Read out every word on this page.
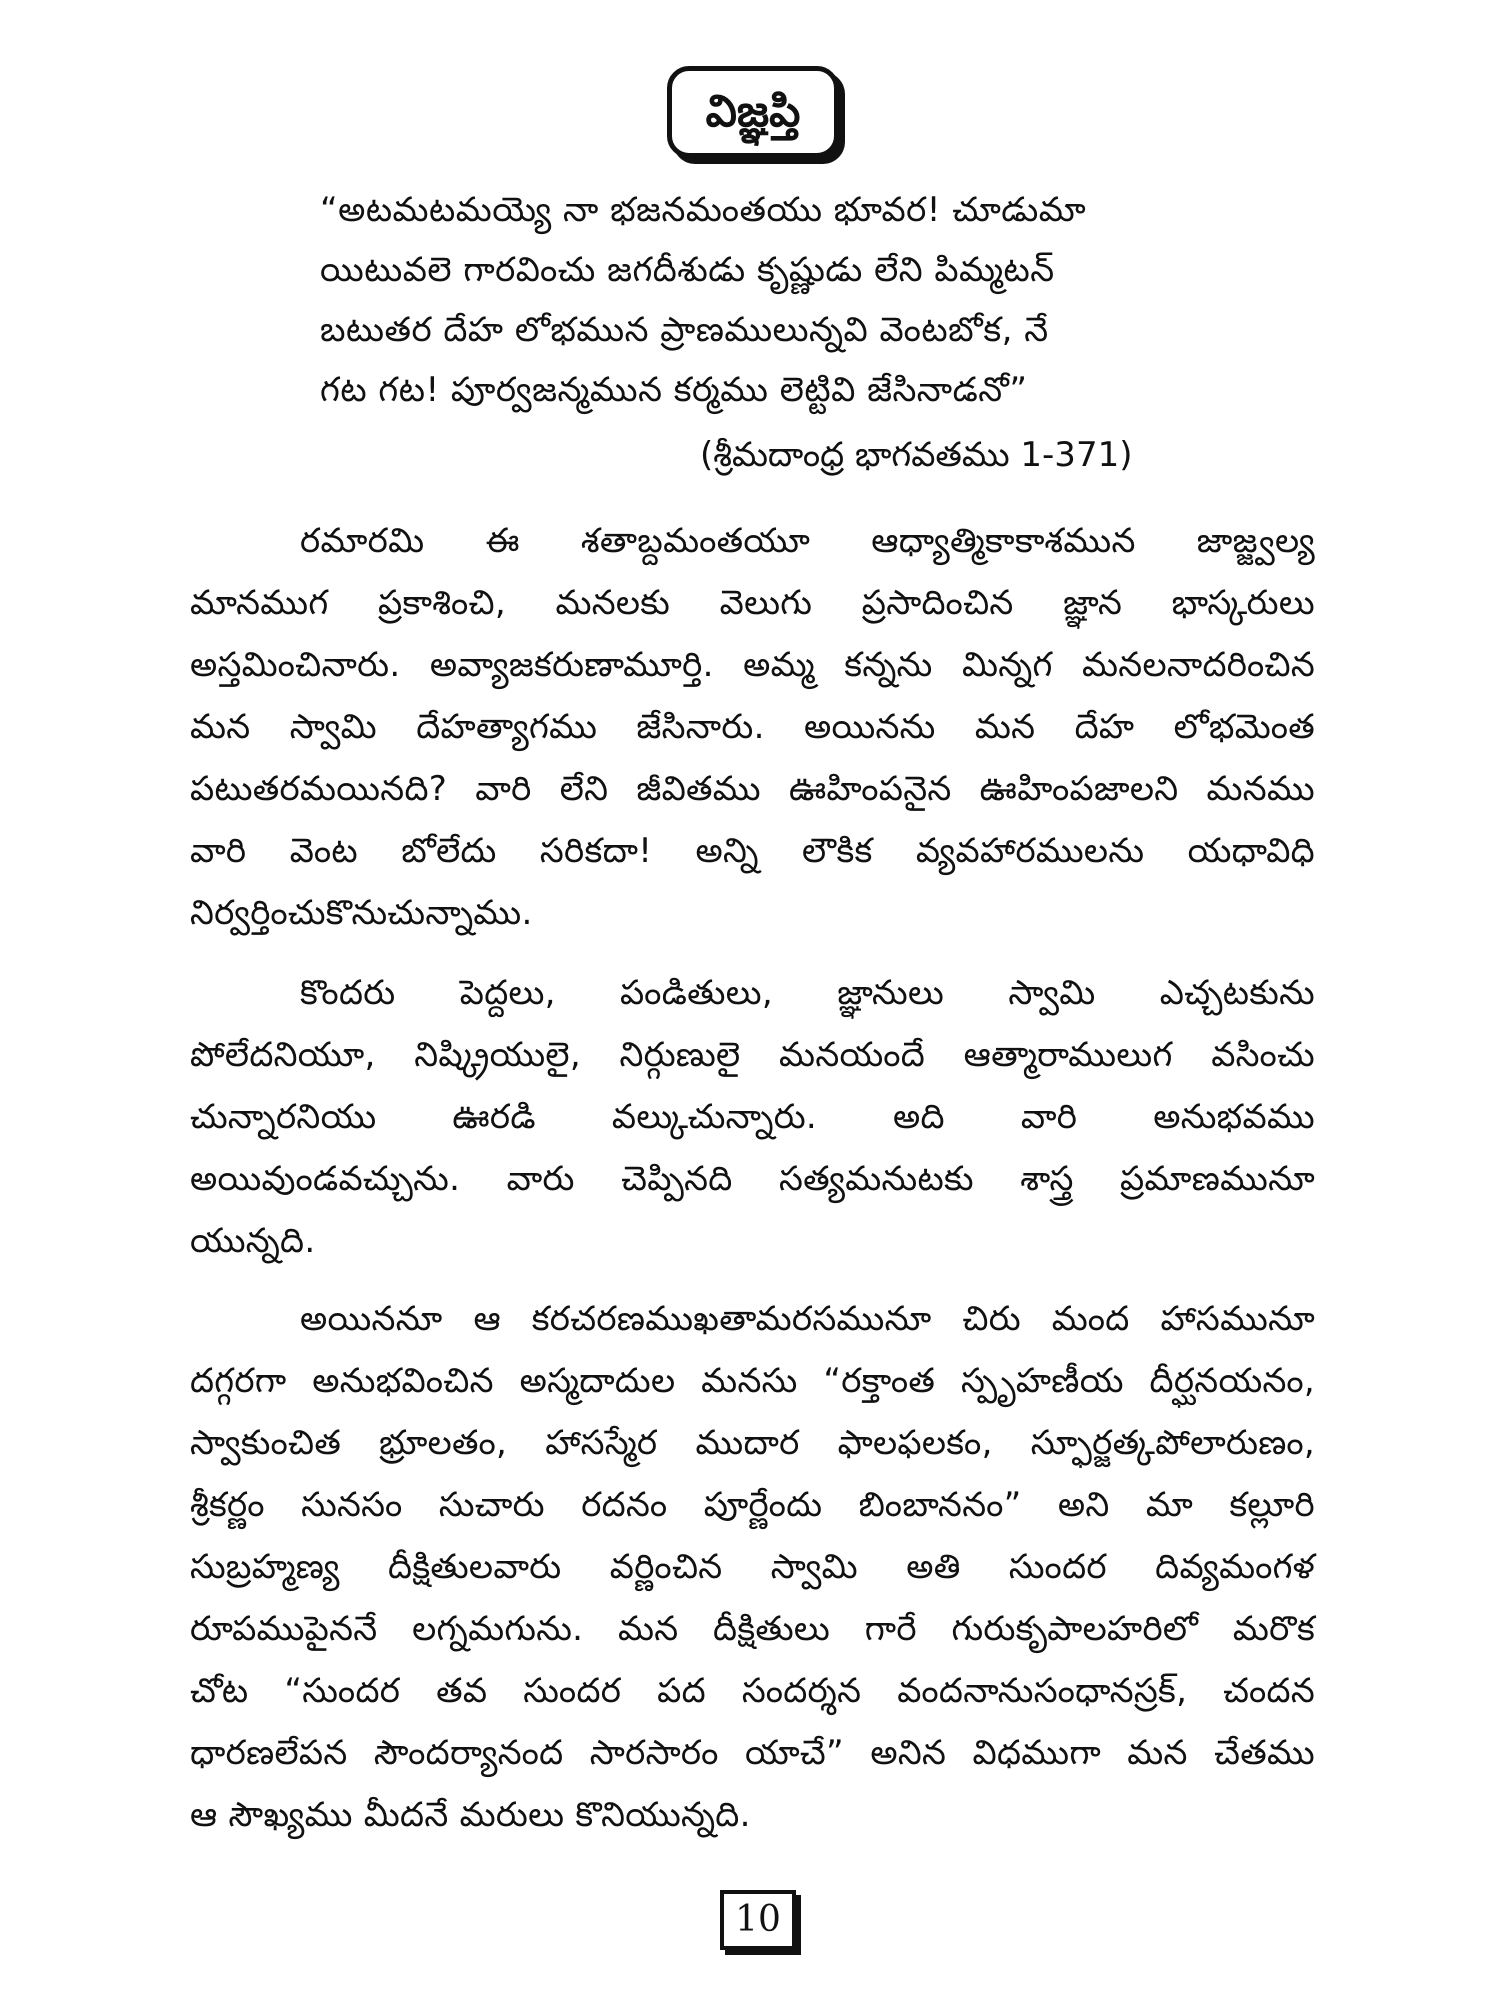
విజ్ఞప్తి
“అటమటమయ్యె నా భజనమంతయు భూవర! చూడుమా
యిటువలె గారవించు జగదీశుడు కృష్ణుడు లేని పిమ్మటన్
బటుతర దేహ లోభమున ప్రాణములున్నవి వెంటబోక, నే
గట గట! పూర్వజన్మమున కర్మము లెట్టివి జేసినాడనో”
(శ్రీమదాంధ్ర భాగవతము 1-371)
రమారమి ఈ శతాబ్దమంతయూ ఆధ్యాత్మికాకాశమున జాజ్జ్వల్య
మానముగ ప్రకాశించి, మనలకు వెలుగు ప్రసాదించిన జ్ఞాన భాస్కరులు
అస్తమించినారు. అవ్యాజకరుణామూర్తి. అమ్మ కన్నను మిన్నగ మనలనాదరించిన
మన స్వామి దేహత్యాగము జేసినారు. అయినను మన దేహ లోభమెంత
పటుతరమయినది? వారి లేని జీవితము ఊహింపనైన ఊహింపజాలని మనము
వారి వెంట బోలేదు సరికదా! అన్ని లౌకిక వ్యవహారములను యధావిధి
నిర్వర్తించుకొనుచున్నాము.
కొందరు పెద్దలు, పండితులు, జ్ఞానులు స్వామి ఎచ్చటకును
పోలేదనియూ, నిష్క్రియులై, నిర్గుణులై మనయందే ఆత్మారాములుగ వసించు
చున్నారనియు ఊరడి వల్కుచున్నారు. అది వారి అనుభవము
అయివుండవచ్చును. వారు చెప్పినది సత్యమనుటకు శాస్త్ర ప్రమాణమునూ
యున్నది.
అయిననూ ఆ కరచరణముఖతామరసమునూ చిరు మంద హాసమునూ
దగ్గరగా అనుభవించిన అస్మదాదుల మనసు “రక్తాంత స్పృహణీయ దీర్ఘనయనం,
స్వాకుంచిత భ్రూలతం, హాసస్మేర ముదార ఫాలఫలకం, స్ఫూర్జత్కపోలారుణం,
శ్రీకర్ణం సునసం సుచారు రదనం పూర్ణేందు బింబాననం” అని మా కల్లూరి
సుబ్రహ్మణ్య దీక్షితులవారు వర్ణించిన స్వామి అతి సుందర దివ్యమంగళ
రూపముపైననే లగ్నమగును. మన దీక్షితులు గారే గురుకృపాలహరిలో మరొక
చోట “సుందర తవ సుందర పద సందర్శన వందనానుసంధానస్రక్, చందన
ధారణలేపన సౌందర్యానంద సారసారం యాచే” అనిన విధముగా మన చేతము
ఆ సౌఖ్యము మీదనే మరులు కొనియున్నది.
10
